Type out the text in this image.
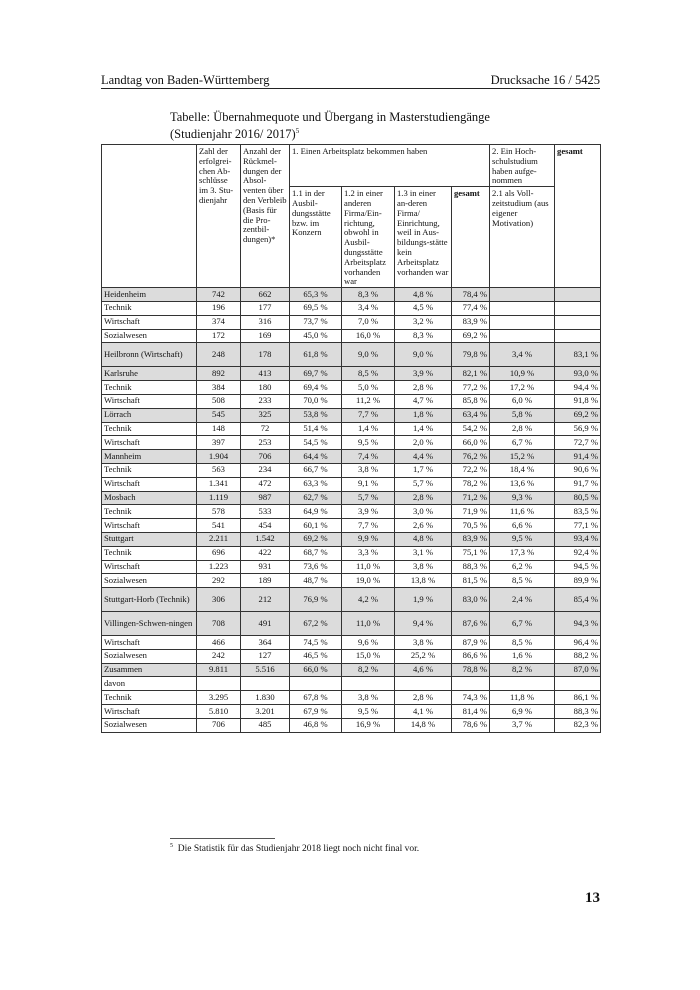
Landtag von Baden-Württemberg	Drucksache 16 / 5425
Tabelle: Übernahmequote und Übergang in Masterstudiengänge (Studienjahr 2016/ 2017)$^5$
	Zahl der erfolgrei-chen Ab-schlüsse im 3. Stu-dienjahr	Anzahl der Rückmel-dungen der Absol-venten über den Verbleib (Basis für die Pro-zentbil-dungen)*	1. Einen Arbeitsplatz bekommen haben				2. Ein Hoch-schulstudium haben aufge-nommen	gesamt
			1.1 in der Ausbil-dungsstätte bzw. im Konzern	1.2 in einer anderen Firma/Ein-richtung, obwohl in Ausbil-dungsstätte Arbeitsplatz vorhanden war	1.3 in einer an-deren Firma/ Einrichtung, weil in Aus-bildungs-stätte kein Arbeitsplatz vorhanden war	gesamt	2.1 als Voll-zeitstudium (aus eigener Motivation)	
Heidenheim	742	662	65,3 %	8,3 %	4,8 %	78,4 %		
Technik	196	177	69,5 %	3,4 %	4,5 %	77,4 %		
Wirtschaft	374	316	73,7 %	7,0 %	3,2 %	83,9 %		
Sozialwesen	172	169	45,0 %	16,0 %	8,3 %	69,2 %		
Heilbronn (Wirtschaft)	248	178	61,8 %	9,0 %	9,0 %	79,8 %	3,4 %	83,1 %
Karlsruhe	892	413	69,7 %	8,5 %	3,9 %	82,1 %	10,9 %	93,0 %
Technik	384	180	69,4 %	5,0 %	2,8 %	77,2 %	17,2 %	94,4 %
Wirtschaft	508	233	70,0 %	11,2 %	4,7 %	85,8 %	6,0 %	91,8 %
Lörrach	545	325	53,8 %	7,7 %	1,8 %	63,4 %	5,8 %	69,2 %
Technik	148	72	51,4 %	1,4 %	1,4 %	54,2 %	2,8 %	56,9 %
Wirtschaft	397	253	54,5 %	9,5 %	2,0 %	66,0 %	6,7 %	72,7 %
Mannheim	1.904	706	64,4 %	7,4 %	4,4 %	76,2 %	15,2 %	91,4 %
Technik	563	234	66,7 %	3,8 %	1,7 %	72,2 %	18,4 %	90,6 %
Wirtschaft	1.341	472	63,3 %	9,1 %	5,7 %	78,2 %	13,6 %	91,7 %
Mosbach	1.119	987	62,7 %	5,7 %	2,8 %	71,2 %	9,3 %	80,5 %
Technik	578	533	64,9 %	3,9 %	3,0 %	71,9 %	11,6 %	83,5 %
Wirtschaft	541	454	60,1 %	7,7 %	2,6 %	70,5 %	6,6 %	77,1 %
Stuttgart	2.211	1.542	69,2 %	9,9 %	4,8 %	83,9 %	9,5 %	93,4 %
Technik	696	422	68,7 %	3,3 %	3,1 %	75,1 %	17,3 %	92,4 %
Wirtschaft	1.223	931	73,6 %	11,0 %	3,8 %	88,3 %	6,2 %	94,5 %
Sozialwesen	292	189	48,7 %	19,0 %	13,8 %	81,5 %	8,5 %	89,9 %
Stuttgart-Horb (Technik)	306	212	76,9 %	4,2 %	1,9 %	83,0 %	2,4 %	85,4 %
Villingen-Schwen-ningen	708	491	67,2 %	11,0 %	9,4 %	87,6 %	6,7 %	94,3 %
Wirtschaft	466	364	74,5 %	9,6 %	3,8 %	87,9 %	8,5 %	96,4 %
Sozialwesen	242	127	46,5 %	15,0 %	25,2 %	86,6 %	1,6 %	88,2 %
Zusammen	9.811	5.516	66,0 %	8,2 %	4,6 %	78,8 %	8,2 %	87,0 %
davon								
Technik	3.295	1.830	67,8 %	3,8 %	2,8 %	74,3 %	11,8 %	86,1 %
Wirtschaft	5.810	3.201	67,9 %	9,5 %	4,1 %	81,4 %	6,9 %	88,3 %
Sozialwesen	706	485	46,8 %	16,9 %	14,8 %	78,6 %	3,7 %	82,3 %
$^5$ Die Statistik für das Studienjahr 2018 liegt noch nicht final vor.
13
